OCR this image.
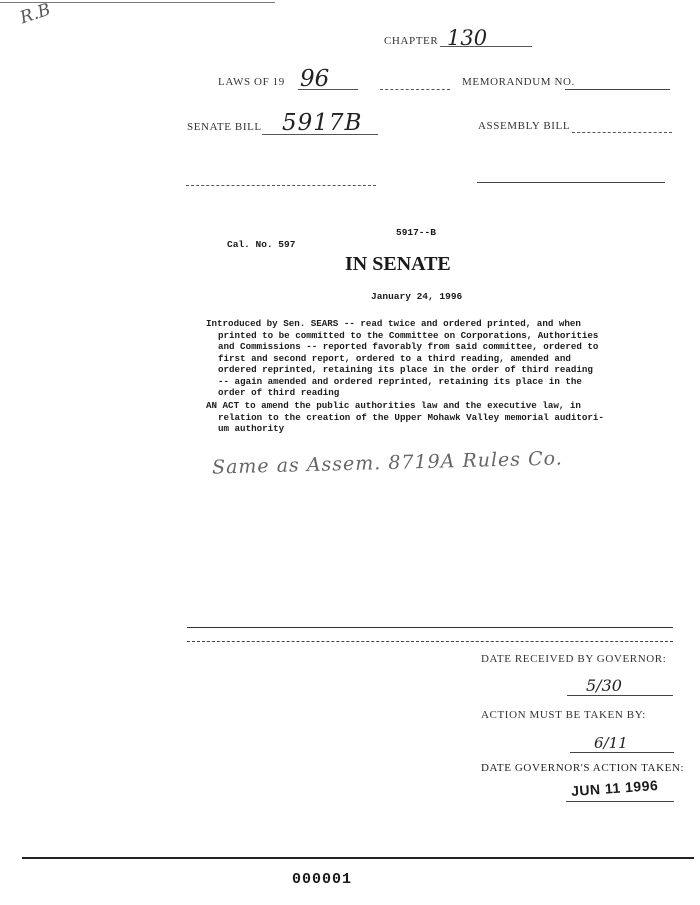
R.B
CHAPTER 130
LAWS OF 19 96	MEMORANDUM NO.
SENATE BILL 5917B	ASSEMBLY BILL
5917--B
Cal. No. 597
IN SENATE
January 24, 1996
Introduced by Sen. SEARS -- read twice and ordered printed, and when
printed to be committed to the Committee on Corporations, Authorities
and Commissions -- reported favorably from said committee, ordered to
first and second report, ordered to a third reading, amended and
ordered reprinted, retaining its place in the order of third reading
-- again amended and ordered reprinted, retaining its place in the
order of third reading
AN ACT to amend the public authorities law and the executive law, in
relation to the creation of the Upper Mohawk Valley memorial auditori-
um authority
Same as Assem. 8719A Rules Co.
DATE RECEIVED BY GOVERNOR:
5/30
ACTION MUST BE TAKEN BY:
6/11
DATE GOVERNOR'S ACTION TAKEN:
JUN 11 1996
000001
